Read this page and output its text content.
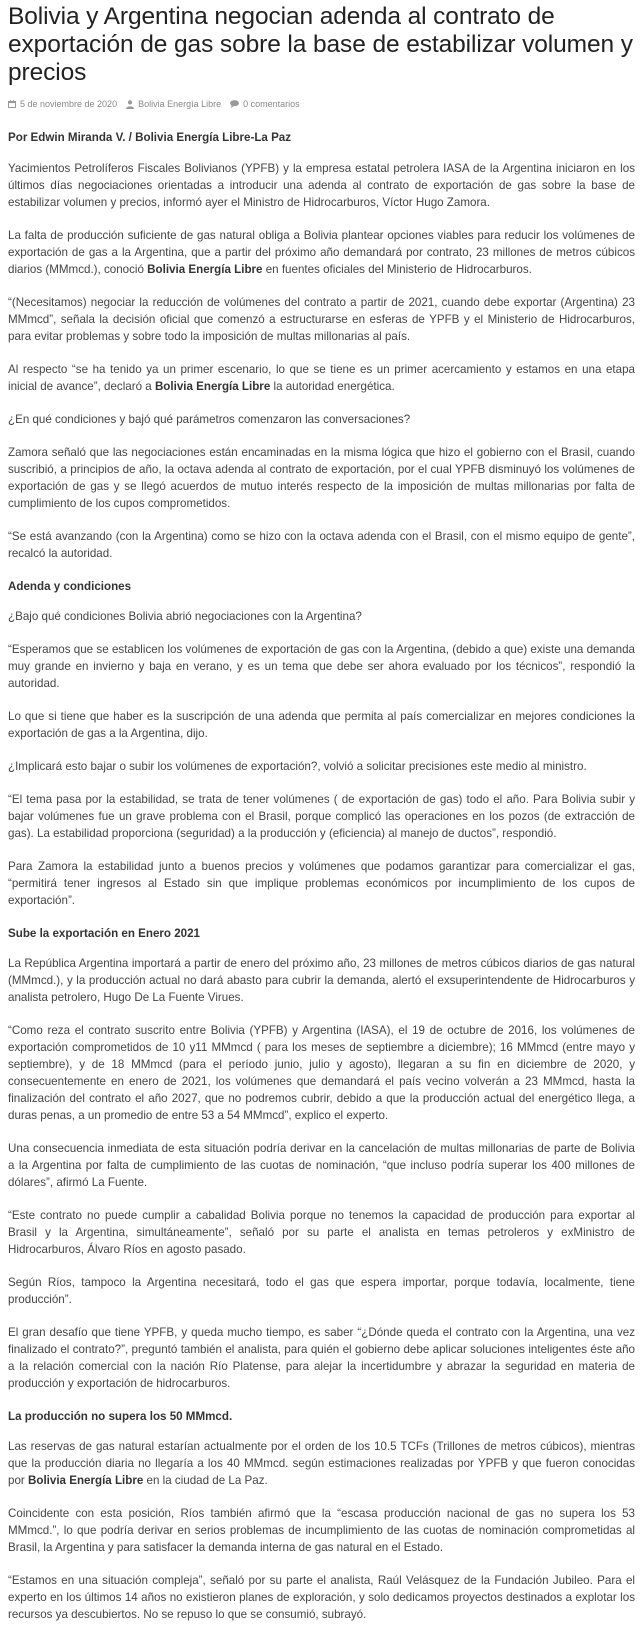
Bolivia y Argentina negocian adenda al contrato de exportación de gas sobre la base de estabilizar volumen y precios
5 de noviembre de 2020 Bolivia Energía Libre 0 comentarios
Por Edwin Miranda V. / Bolivia Energía Libre-La Paz

Yacimientos Petrolíferos Fiscales Bolivianos (YPFB) y la empresa estatal petrolera IASA de la Argentina iniciaron en los últimos días negociaciones orientadas a introducir una adenda al contrato de exportación de gas sobre la base de estabilizar volumen y precios, informó ayer el Ministro de Hidrocarburos, Víctor Hugo Zamora.

La falta de producción suficiente de gas natural obliga a Bolivia plantear opciones viables para reducir los volúmenes de exportación de gas a la Argentina, que a partir del próximo año demandará por contrato, 23 millones de metros cúbicos diarios (MMmcd.), conoció Bolivia Energía Libre en fuentes oficiales del Ministerio de Hidrocarburos.

“(Necesitamos) negociar la reducción de volúmenes del contrato a partir de 2021, cuando debe exportar (Argentina) 23 MMmcd”, señala la decisión oficial que comenzó a estructurarse en esferas de YPFB y el Ministerio de Hidrocarburos, para evitar problemas y sobre todo la imposición de multas millonarias al país.

Al respecto “se ha tenido ya un primer escenario, lo que se tiene es un primer acercamiento y estamos en una etapa inicial de avance”, declaró a Bolivia Energía Libre la autoridad energética.

¿En qué condiciones y bajó qué parámetros comenzaron las conversaciones?

Zamora señaló que las negociaciones están encaminadas en la misma lógica que hizo el gobierno con el Brasil, cuando suscribió, a principios de año, la octava adenda al contrato de exportación, por el cual YPFB disminuyó los volúmenes de exportación de gas y se llegó acuerdos de mutuo interés respecto de la imposición de multas millonarias por falta de cumplimiento de los cupos comprometidos.

“Se está avanzando (con la Argentina) como se hizo con la octava adenda con el Brasil, con el mismo equipo de gente”, recalcó la autoridad.

Adenda y condiciones

¿Bajo qué condiciones Bolivia abrió negociaciones con la Argentina?

“Esperamos que se establicen los volúmenes de exportación de gas con la Argentina, (debido a que) existe una demanda muy grande en invierno y baja en verano, y es un tema que debe ser ahora evaluado por los técnicos”, respondió la autoridad.

Lo que si tiene que haber es la suscripción de una adenda que permita al país comercializar en mejores condiciones la exportación de gas a la Argentina, dijo.

¿Implicará esto bajar o subir los volúmenes de exportación?, volvió a solicitar precisiones este medio al ministro.

“El tema pasa por la estabilidad, se trata de tener volúmenes ( de exportación de gas) todo el año. Para Bolivia subir y bajar volúmenes fue un grave problema con el Brasil, porque complicó las operaciones en los pozos (de extracción de gas). La estabilidad proporciona (seguridad) a la producción y (eficiencia) al manejo de ductos”, respondió.

Para Zamora la estabilidad junto a buenos precios y volúmenes que podamos garantizar para comercializar el gas, “permitirá tener ingresos al Estado sin que implique problemas económicos por incumplimiento de los cupos de exportación”.

Sube la exportación en Enero 2021

La República Argentina importará a partir de enero del próximo año, 23 millones de metros cúbicos diarios de gas natural (MMmcd.), y la producción actual no dará abasto para cubrir la demanda, alertó el exsuperintendente de Hidrocarburos y analista petrolero, Hugo De La Fuente Virues.

“Como reza el contrato suscrito entre Bolivia (YPFB) y Argentina (IASA), el 19 de octubre de 2016, los volúmenes de exportación comprometidos de 10 y11 MMmcd ( para los meses de septiembre a diciembre); 16 MMmcd (entre mayo y septiembre), y de 18 MMmcd (para el período junio, julio y agosto), llegaran a su fin en diciembre de 2020, y consecuentemente en enero de 2021, los volúmenes que demandará el país vecino volverán a 23 MMmcd, hasta la finalización del contrato el año 2027, que no podremos cubrir, debido a que la producción actual del energético llega, a duras penas, a un promedio de entre 53 a 54 MMmcd”, explico el experto.

Una consecuencia inmediata de esta situación podría derivar en la cancelación de multas millonarias de parte de Bolivia a la Argentina por falta de cumplimiento de las cuotas de nominación, “que incluso podría superar los 400 millones de dólares”, afirmó La Fuente.

“Este contrato no puede cumplir a cabalidad Bolivia porque no tenemos la capacidad de producción para exportar al Brasil y la Argentina, simultáneamente”, señaló por su parte el analista en temas petroleros y exMinistro de Hidrocarburos, Álvaro Ríos en agosto pasado.

Según Ríos, tampoco la Argentina necesitará, todo el gas que espera importar, porque todavía, localmente, tiene producción”.

El gran desafío que tiene YPFB, y queda mucho tiempo, es saber “¿Dónde queda el contrato con la Argentina, una vez finalizado el contrato?”, preguntó también el analista, para quién el gobierno debe aplicar soluciones inteligentes éste año a la relación comercial con la nación Río Platense, para alejar la incertidumbre y abrazar la seguridad en materia de producción y exportación de hidrocarburos.

La producción no supera los 50 MMmcd.

Las reservas de gas natural estarían actualmente por el orden de los 10.5 TCFs (Trillones de metros cúbicos), mientras que la producción diaria no llegaría a los 40 MMmcd. según estimaciones realizadas por YPFB y que fueron conocidas por Bolivia Energía Libre en la ciudad de La Paz.

Coincidente con esta posición, Ríos también afirmó que la “escasa producción nacional de gas no supera los 53 MMmcd.”, lo que podría derivar en serios problemas de incumplimiento de las cuotas de nominación comprometidas al Brasil, la Argentina y para satisfacer la demanda interna de gas natural en el Estado.

“Estamos en una situación compleja”, señaló por su parte el analista, Raúl Velásquez de la Fundación Jubileo. Para el experto en los últimos 14 años no existieron planes de exploración, y solo dedicamos proyectos destinados a explotar los recursos ya descubiertos. No se repuso lo que se consumió, subrayó.
